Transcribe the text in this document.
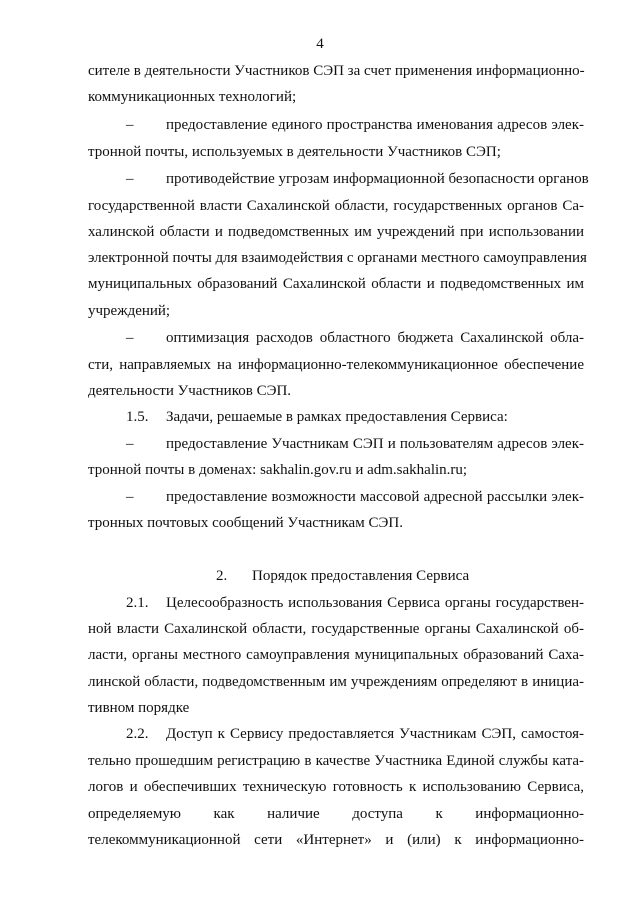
4
сителе в деятельности Участников СЭП за счет применения информационно-
коммуникационных технологий;
– предоставление единого пространства именования адресов элек-
тронной почты, используемых в деятельности Участников СЭП;
– противодействие угрозам информационной безопасности органов
государственной власти Сахалинской области, государственных органов Са-
халинской области и подведомственных им учреждений при использовании
электронной почты для взаимодействия с органами местного самоуправления
муниципальных образований Сахалинской области и подведомственных им
учреждений;
– оптимизация расходов областного бюджета Сахалинской обла-
сти, направляемых на информационно-телекоммуникационное обеспечение
деятельности Участников СЭП.
1.5.	Задачи, решаемые в рамках предоставления Сервиса:
– предоставление Участникам СЭП и пользователям адресов элек-
тронной почты в доменах: sakhalin.gov.ru и adm.sakhalin.ru;
– предоставление возможности массовой адресной рассылки элек-
тронных почтовых сообщений Участникам СЭП.
2.	Порядок предоставления Сервиса
2.1.	Целесообразность использования Сервиса органы государствен-
ной власти Сахалинской области, государственные органы Сахалинской об-
ласти, органы местного самоуправления муниципальных образований Саха-
линской области, подведомственным им учреждениям определяют в инициа-
тивном порядке
2.2.	Доступ к Сервису предоставляется Участникам СЭП, самостоя-
тельно прошедшим регистрацию в качестве Участника Единой службы ката-
логов и обеспечивших техническую готовность к использованию Сервиса,
определяемую как наличие доступа к информационно-
телекоммуникационной сети «Интернет» и (или) к информационно-
